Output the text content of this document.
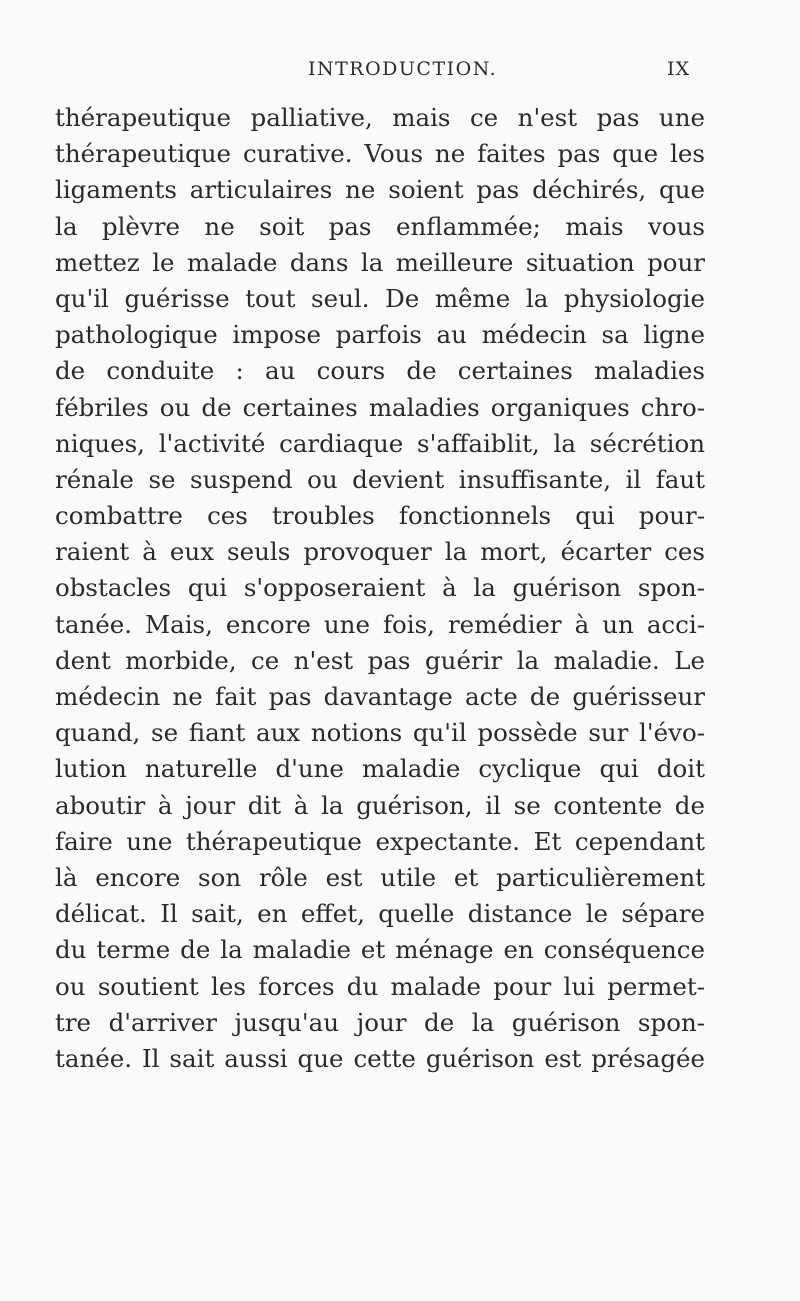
INTRODUCTION.	IX
thérapeutique palliative, mais ce n'est pas une
thérapeutique curative. Vous ne faites pas que les
ligaments articulaires ne soient pas déchirés, que
la plèvre ne soit pas enflammée; mais vous
mettez le malade dans la meilleure situation pour
qu'il guérisse tout seul. De même la physiologie
pathologique impose parfois au médecin sa ligne
de conduite : au cours de certaines maladies
fébriles ou de certaines maladies organiques chro-
niques, l'activité cardiaque s'affaiblit, la sécrétion
rénale se suspend ou devient insuffisante, il faut
combattre ces troubles fonctionnels qui pour-
raient à eux seuls provoquer la mort, écarter ces
obstacles qui s'opposeraient à la guérison spon-
tanée. Mais, encore une fois, remédier à un acci-
dent morbide, ce n'est pas guérir la maladie. Le
médecin ne fait pas davantage acte de guérisseur
quand, se fiant aux notions qu'il possède sur l'évo-
lution naturelle d'une maladie cyclique qui doit
aboutir à jour dit à la guérison, il se contente de
faire une thérapeutique expectante. Et cependant
là encore son rôle est utile et particulièrement
délicat. Il sait, en effet, quelle distance le sépare
du terme de la maladie et ménage en conséquence
ou soutient les forces du malade pour lui permet-
tre d'arriver jusqu'au jour de la guérison spon-
tanée. Il sait aussi que cette guérison est présagée
